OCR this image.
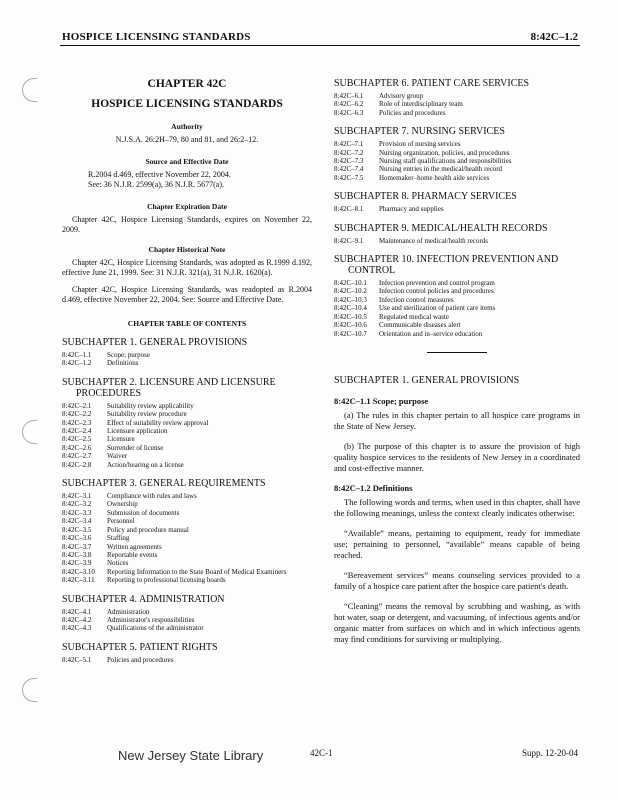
HOSPICE LICENSING STANDARDS	8:42C–1.2
CHAPTER 42C
HOSPICE LICENSING STANDARDS
Authority
N.J.S.A. 26:2H–79, 80 and 81, and 26:2–12.
Source and Effective Date
R.2004 d.469, effective November 22, 2004.
See: 36 N.J.R. 2599(a), 36 N.J.R. 5677(a).
Chapter Expiration Date

Chapter 42C, Hospice Licensing Standards, expires on November 22, 2009.

Chapter Historical Note

Chapter 42C, Hospice Licensing Standards, was adopted as R.1999 d.192, effective June 21, 1999. See: 31 N.J.R. 321(a), 31 N.J.R. 1620(a).

Chapter 42C, Hospice Licensing Standards, was readopted as R.2004 d.469, effective November 22, 2004. See: Source and Effective Date.

CHAPTER TABLE OF CONTENTS
SUBCHAPTER 1. GENERAL PROVISIONS
8:42C–1.1	Scope; purpose
8:42C–1.2	Definitions
SUBCHAPTER 2. LICENSURE AND LICENSURE
PROCEDURES
8:42C–2.1	Suitability review applicability
8:42C–2.2	Suitability review procedure
8:42C–2.3	Effect of suitability review approval
8:42C–2.4	Licensure application
8:42C–2.5	Licensure
8:42C–2.6	Surrender of license
8:42C–2.7	Waiver
8:42C–2.8	Action/hearing on a license
SUBCHAPTER 3. GENERAL REQUIREMENTS
8:42C–3.1	Compliance with rules and laws
8:42C–3.2	Ownership
8:42C–3.3	Submission of documents
8:42C–3.4	Personnel
8:42C–3.5	Policy and procedure manual
8:42C–3.6	Staffing
8:42C–3.7	Written agreements
8:42C–3.8	Reportable events
8:42C–3.9	Notices
8:42C–3.10	Reporting Information to the State Board of Medical Examiners
8:42C–3.11	Reporting to professional licensing boards
SUBCHAPTER 4. ADMINISTRATION
8:42C–4.1	Administration
8:42C–4.2	Administrator's responsibilities
8:42C–4.3	Qualifications of the administrator
SUBCHAPTER 5. PATIENT RIGHTS
8:42C–5.1	Policies and procedures
SUBCHAPTER 6. PATIENT CARE SERVICES
8:42C–6.1	Advisory group
8:42C–6.2	Role of interdisciplinary team
8:42C–6.3	Policies and procedures
SUBCHAPTER 7. NURSING SERVICES
8:42C–7.1	Provision of nursing services
8:42C–7.2	Nursing organization, policies, and procedures
8:42C–7.3	Nursing staff qualifications and responsibilities
8:42C–7.4	Nursing entries in the medical/health record
8:42C–7.5	Homemaker–home health aide services
SUBCHAPTER 8. PHARMACY SERVICES
8:42C–8.1	Pharmacy and supplies
SUBCHAPTER 9. MEDICAL/HEALTH RECORDS
8:42C–9.1	Maintenance of medical/health records
SUBCHAPTER 10. INFECTION PREVENTION AND
CONTROL
8:42C–10.1	Infection prevention and control program
8:42C–10.2	Infection control policies and procedures
8:42C–10.3	Infection control measures
8:42C–10.4	Use and sterilization of patient care items
8:42C–10.5	Regulated medical waste
8:42C–10.6	Communicable diseases alert
8:42C–10.7	Orientation and in–service education
SUBCHAPTER 1. GENERAL PROVISIONS
8:42C–1.1 Scope; purpose

(a) The rules in this chapter pertain to all hospice care programs in the State of New Jersey.

(b) The purpose of this chapter is to assure the provision of high quality hospice services to the residents of New Jersey in a coordinated and cost-effective manner.

8:42C–1.2 Definitions

The following words and terms, when used in this chapter, shall have the following meanings, unless the context clearly indicates otherwise:

“Available” means, pertaining to equipment, ready for immediate use; pertaining to personnel, “available” means capable of being reached.

“Bereavement services” means counseling services provided to a family of a hospice care patient after the hospice care patient's death.

“Cleaning” means the removal by scrubbing and washing, as with hot water, soap or detergent, and vacuuming, of infectious agents and/or organic matter from surfaces on which and in which infectious agents may find conditions for surviving or multiplying.

New Jersey State Library	42C-1	Supp. 12-20-04
